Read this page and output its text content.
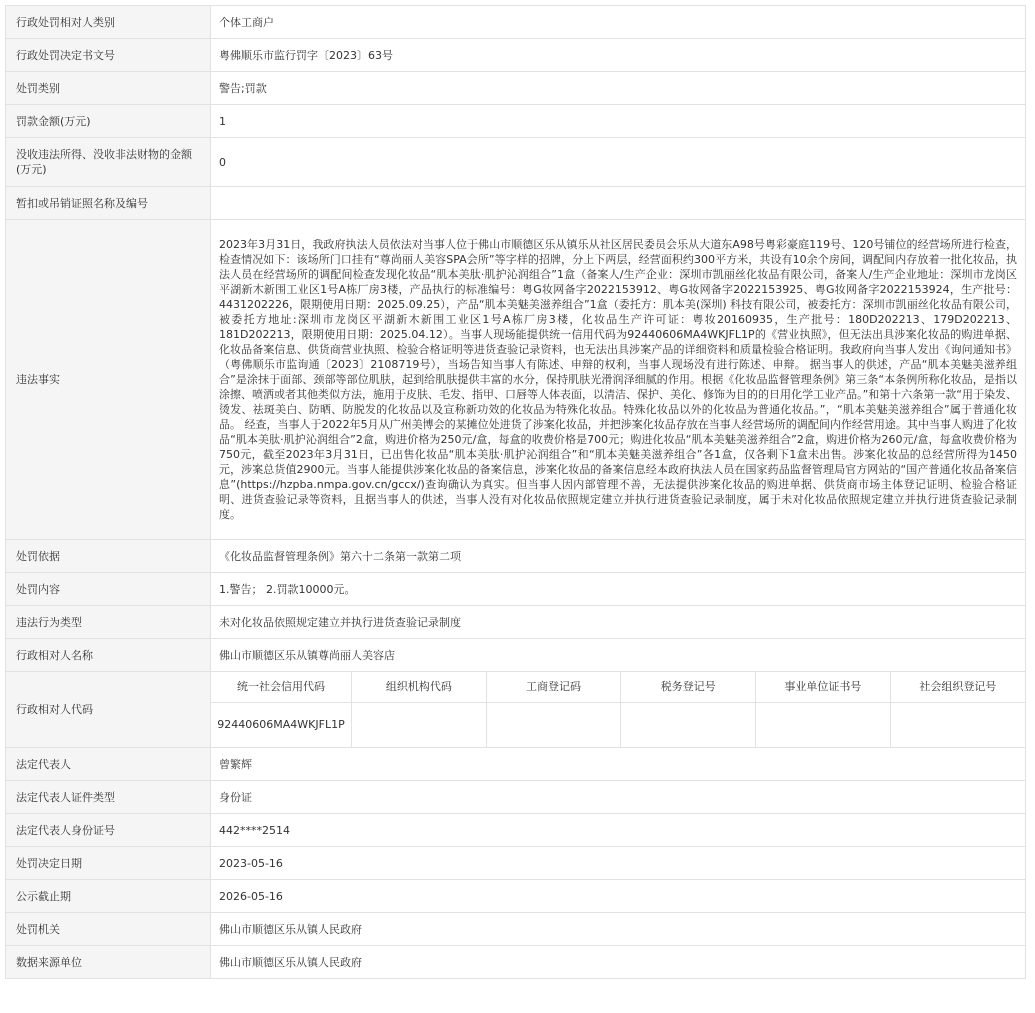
行政处罚相对人类别	个体工商户
行政处罚决定书文号	粤佛顺乐市监行罚字〔2023〕63号
处罚类别	警告;罚款
罚款金额(万元)	1
没收违法所得、没收非法财物的金额(万元)	0
暂扣或吊销证照名称及编号	
违法事实	2023年3月31日，我政府执法人员依法对当事人位于佛山市顺德区乐从镇乐从社区居民委员会乐从大道东A98号粤彩豪庭119号、120号铺位的经营场所进行检查，检查情况如下：该场所门口挂有“尊尚丽人美容SPA会所”等字样的招牌，分上下两层，经营面积约300平方米，共设有10余个房间，调配间内存放着一批化妆品，执法人员在经营场所的调配间检查发现化妆品“肌本美肽·肌护沁润组合”1盒（备案人/生产企业：深圳市凯丽丝化妆品有限公司，备案人/生产企业地址：深圳市龙岗区平湖新木新围工业区1号A栋厂房3楼，产品执行的标准编号：粤G妆网备字2022153912、粤G妆网备字2022153925、粤G妆网备字2022153924，生产批号：4431202226，限期使用日期：2025.09.25），产品“肌本美魅美滋养组合”1盒（委托方：肌本美(深圳) 科技有限公司，被委托方：深圳市凯丽丝化妆品有限公司，被委托方地址:深圳市龙岗区平湖新木新围工业区1号A栋厂房3楼，化妆品生产许可证：粤妆20160935，生产批号：180D202213、179D202213、181D202213，限期使用日期：2025.04.12）。当事人现场能提供统一信用代码为92440606MA4WKJFL1P的《营业执照》，但无法出具涉案化妆品的购进单据、化妆品备案信息、供货商营业执照、检验合格证明等进货查验记录资料，也无法出具涉案产品的详细资料和质量检验合格证明。我政府向当事人发出《询问通知书》（粤佛顺乐市监询通〔2023〕2108719号），当场告知当事人有陈述、申辩的权利，当事人现场没有进行陈述、申辩。 据当事人的供述，产品“肌本美魅美滋养组合”是涂抹于面部、颈部等部位肌肤，起到给肌肤提供丰富的水分，保持肌肤光滑润泽细腻的作用。根据《化妆品监督管理条例》第三条“本条例所称化妆品，是指以涂擦、喷洒或者其他类似方法，施用于皮肤、毛发、指甲、口唇等人体表面，以清洁、保护、美化、修饰为目的的日用化学工业产品。”和第十六条第一款“用于染发、烫发、祛斑美白、防晒、防脱发的化妆品以及宣称新功效的化妆品为特殊化妆品。特殊化妆品以外的化妆品为普通化妆品。”，“肌本美魅美滋养组合”属于普通化妆品。 经查，当事人于2022年5月从广州美博会的某摊位处进货了涉案化妆品，并把涉案化妆品存放在当事人经营场所的调配间内作经营用途。其中当事人购进了化妆品“肌本美肽·肌护沁润组合”2盒，购进价格为250元/盒，每盒的收费价格是700元；购进化妆品“肌本美魅美滋养组合”2盒，购进价格为260元/盒，每盒收费价格为750元，截至2023年3月31日，已出售化妆品“肌本美肽·肌护沁润组合”和“肌本美魅美滋养组合”各1盒，仅各剩下1盒未出售。涉案化妆品的总经营所得为1450元，涉案总货值2900元。当事人能提供涉案化妆品的备案信息，涉案化妆品的备案信息经本政府执法人员在国家药品监督管理局官方网站的“国产普通化妆品备案信息”(https://hzpba.nmpa.gov.cn/gccx/)查询确认为真实。但当事人因内部管理不善，无法提供涉案化妆品的购进单据、供货商市场主体登记证明、检验合格证明、进货查验记录等资料，且据当事人的供述，当事人没有对化妆品依照规定建立并执行进货查验记录制度，属于未对化妆品依照规定建立并执行进货查验记录制度。
处罚依据	《化妆品监督管理条例》第六十二条第一款第二项
处罚内容	1.警告； 2.罚款10000元。
违法行为类型	未对化妆品依照规定建立并执行进货查验记录制度
行政相对人名称	佛山市顺德区乐从镇尊尚丽人美容店
行政相对人代码	
统一社会信用代码	组织机构代码	工商登记码	税务登记号	事业单位证书号	社会组织登记号
92440606MA4WKJFL1P					

法定代表人	曾繁辉
法定代表人证件类型	身份证
法定代表人身份证号	442****2514
处罚决定日期	2023-05-16
公示截止期	2026-05-16
处罚机关	佛山市顺德区乐从镇人民政府
数据来源单位	佛山市顺德区乐从镇人民政府
